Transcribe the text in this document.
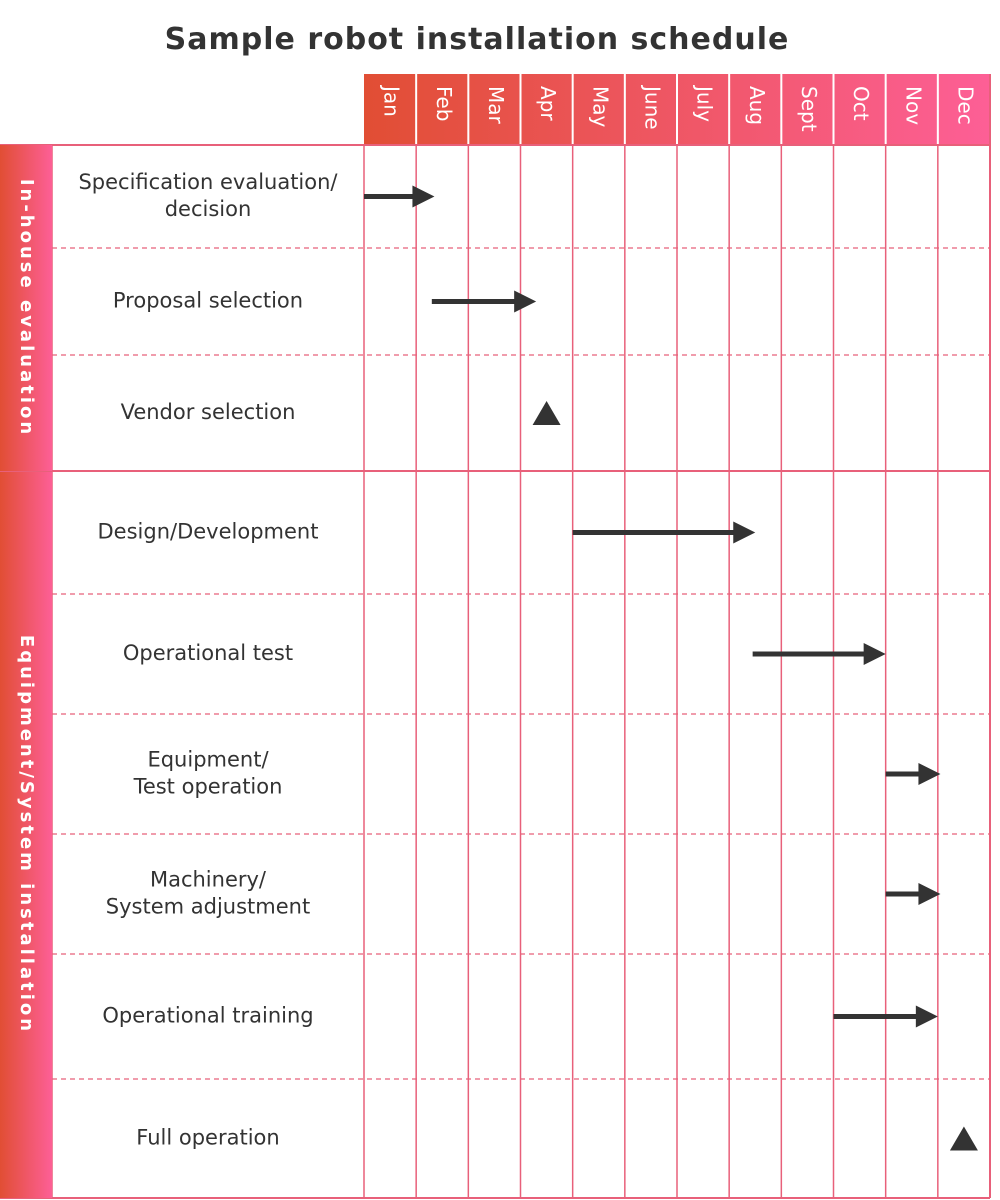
Sample robot installation schedule
Jan Feb Mar Apr May June July Aug Sept Oct Nov Dec
In-house evaluation
Equipment/System installation
Specification evaluation/
decision
Proposal selection
Vendor selection
Design/Development
Operational test
Equipment/
Test operation
Machinery/
System adjustment
Operational training
Full operation
